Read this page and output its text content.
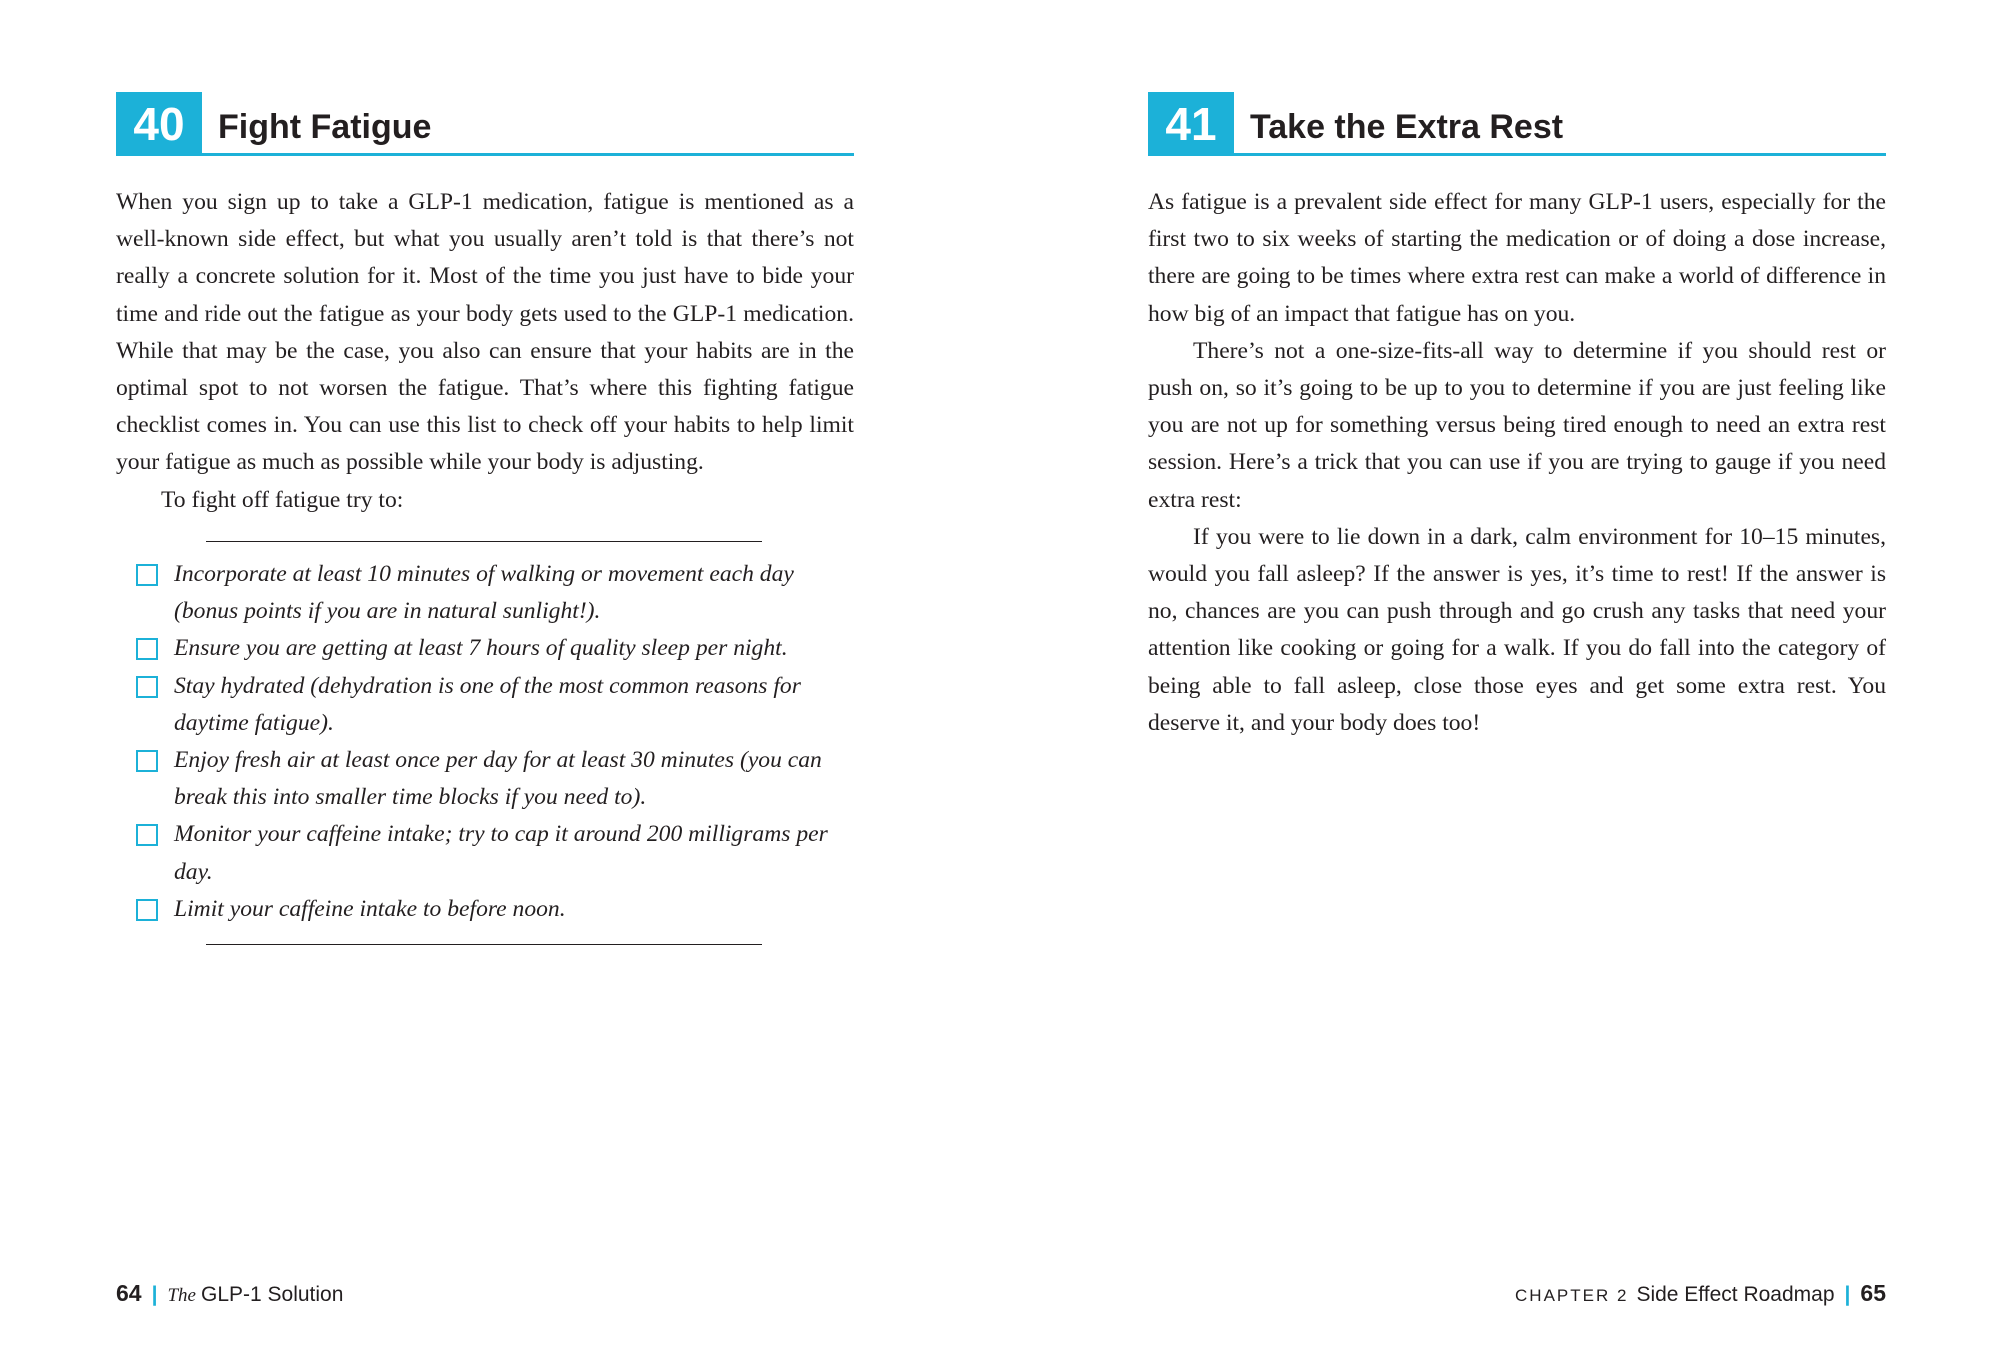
40 Fight Fatigue

When you sign up to take a GLP-1 medication, fatigue is mentioned as a well-known side effect, but what you usually aren’t told is that there’s not really a concrete solution for it. Most of the time you just have to bide your time and ride out the fatigue as your body gets used to the GLP-1 medication. While that may be the case, you also can ensure that your habits are in the optimal spot to not worsen the fatigue. That’s where this fighting fatigue checklist comes in. You can use this list to check off your habits to help limit your fatigue as much as possible while your body is adjusting.

To fight off fatigue try to:

Incorporate at least 10 minutes of walking or movement each day (bonus points if you are in natural sunlight!).
Ensure you are getting at least 7 hours of quality sleep per night.
Stay hydrated (dehydration is one of the most common reasons for daytime fatigue).
Enjoy fresh air at least once per day for at least 30 minutes (you can break this into smaller time blocks if you need to).
Monitor your caffeine intake; try to cap it around 200 milligrams per day.
Limit your caffeine intake to before noon.
64 | The GLP-1 Solution
41 Take the Extra Rest

As fatigue is a prevalent side effect for many GLP-1 users, especially for the first two to six weeks of starting the medication or of doing a dose increase, there are going to be times where extra rest can make a world of difference in how big of an impact that fatigue has on you.

There’s not a one-size-fits-all way to determine if you should rest or push on, so it’s going to be up to you to determine if you are just feeling like you are not up for something versus being tired enough to need an extra rest session. Here’s a trick that you can use if you are trying to gauge if you need extra rest:

If you were to lie down in a dark, calm environment for 10–15 minutes, would you fall asleep? If the answer is yes, it’s time to rest! If the answer is no, chances are you can push through and go crush any tasks that need your attention like cooking or going for a walk. If you do fall into the category of being able to fall asleep, close those eyes and get some extra rest. You deserve it, and your body does too!

CHAPTER 2 Side Effect Roadmap | 65
